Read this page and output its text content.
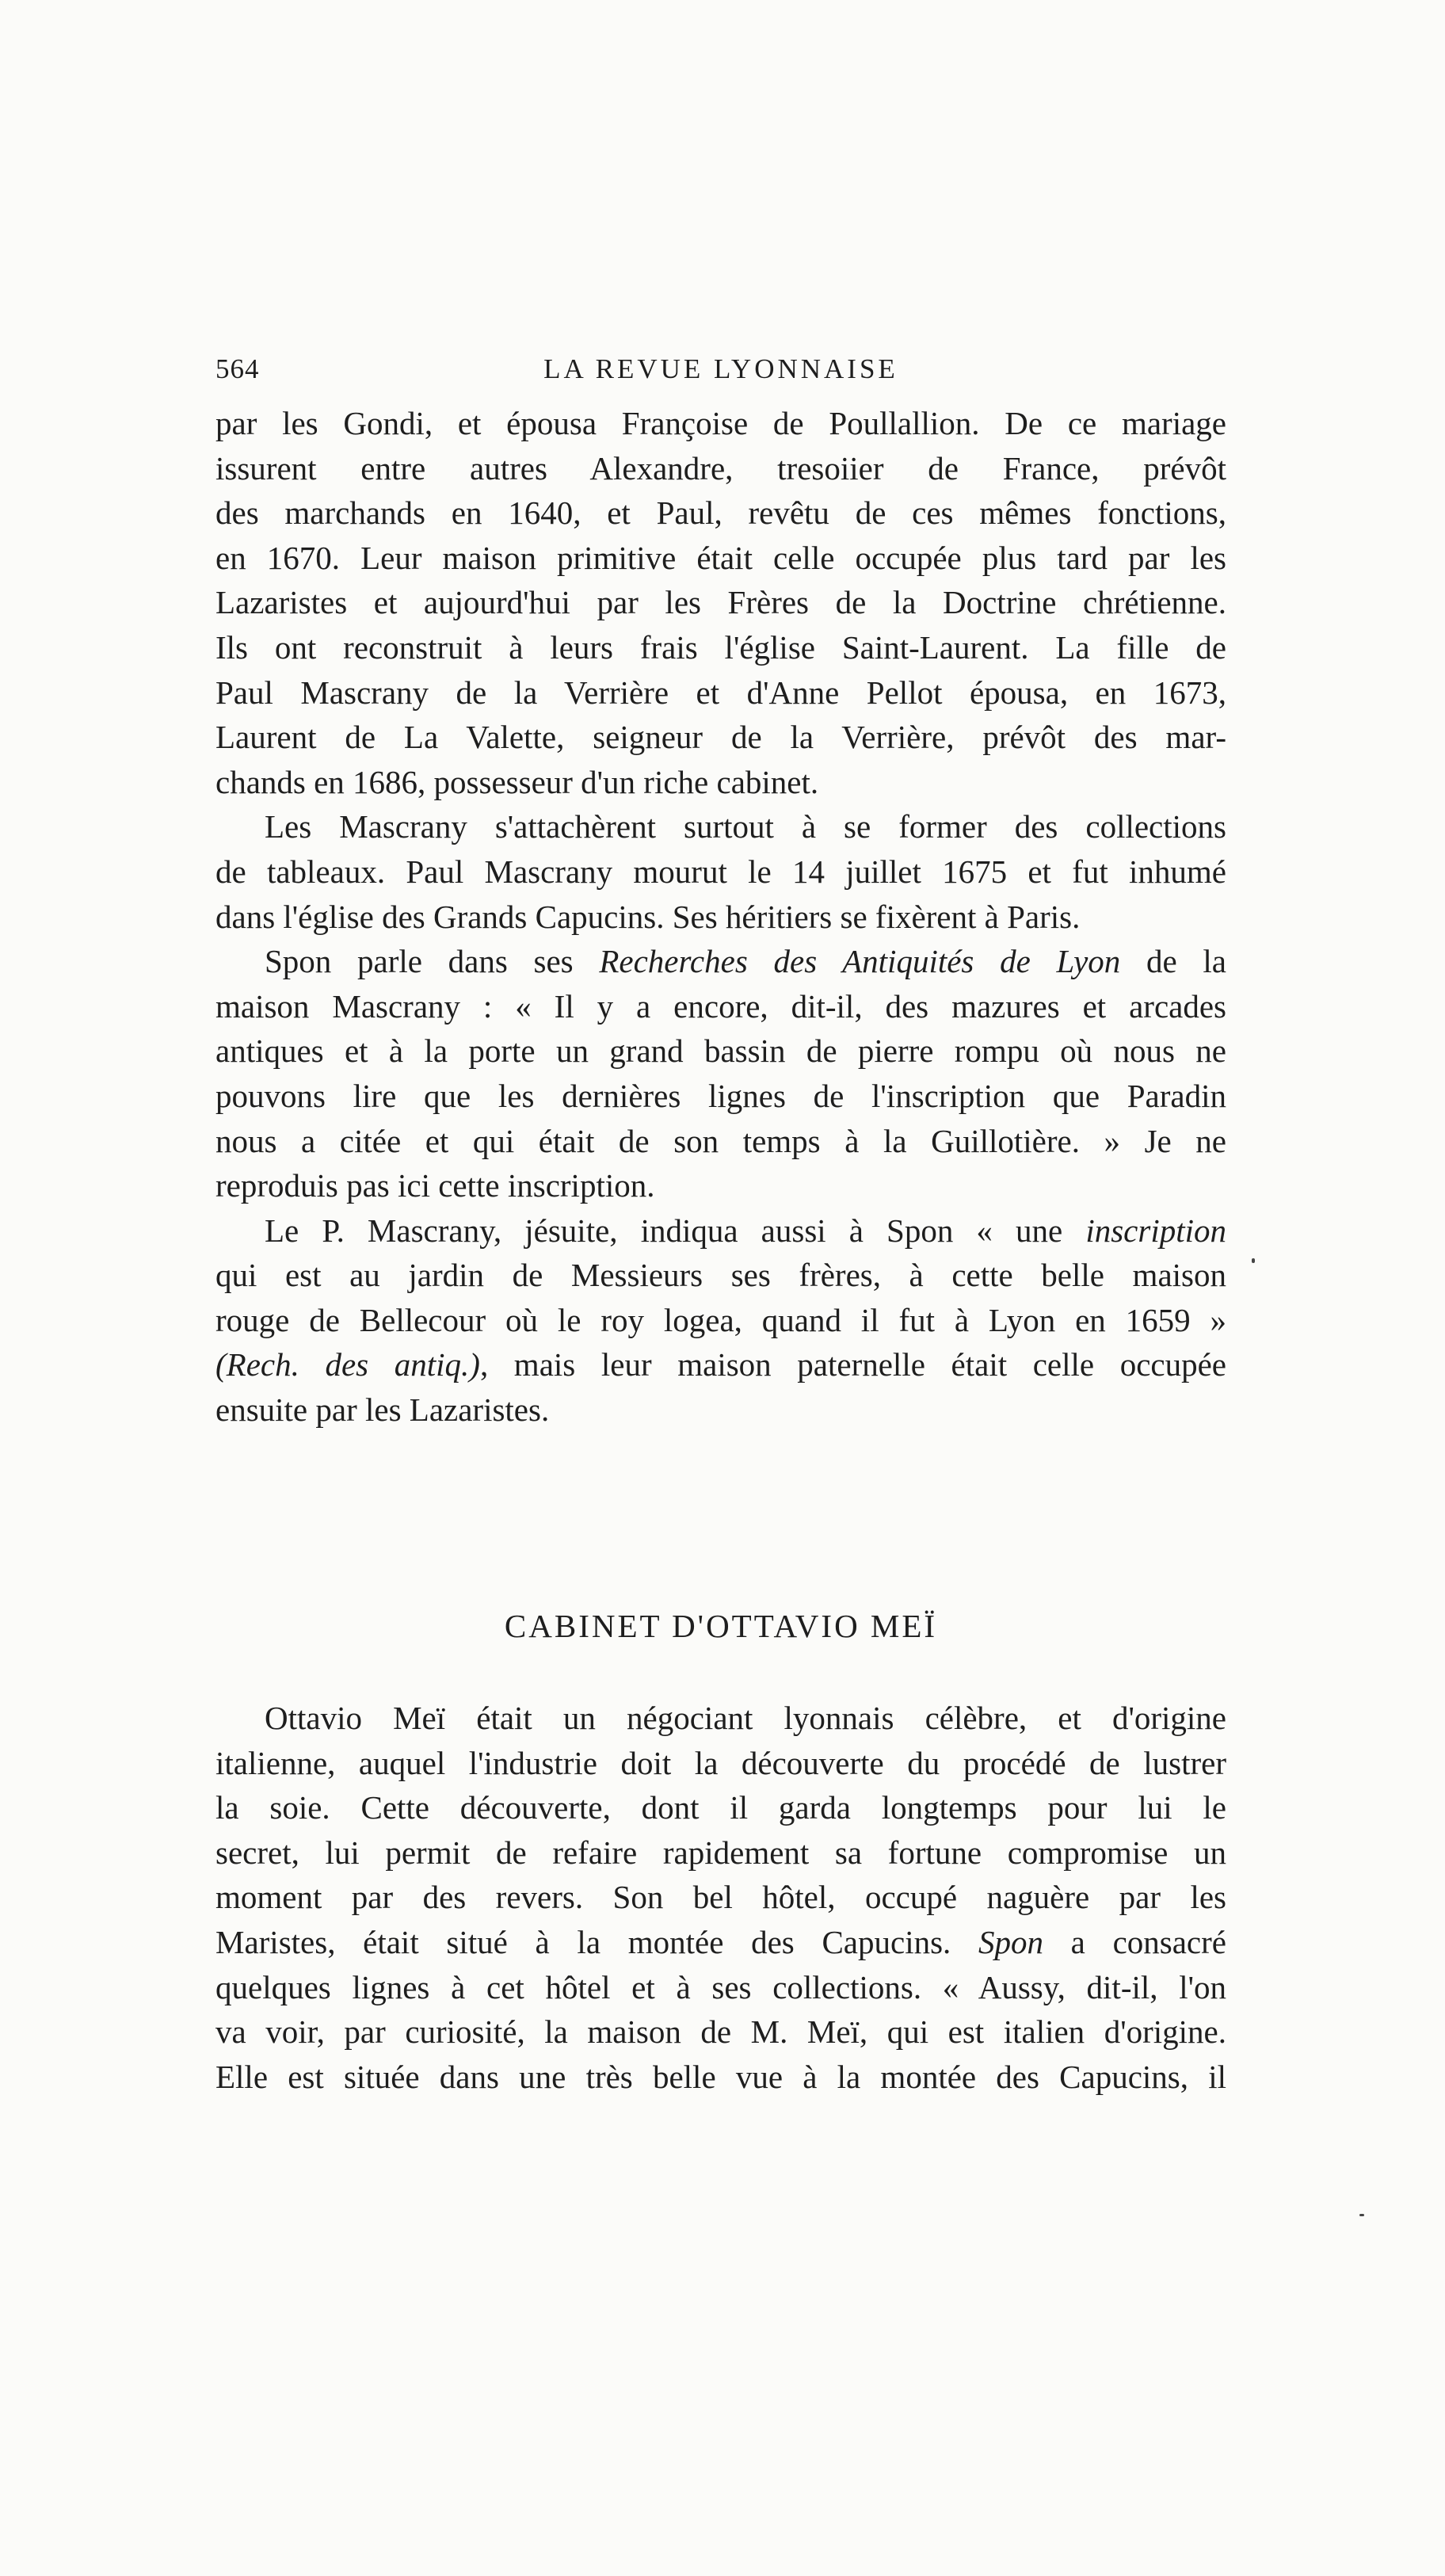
564	LA REVUE LYONNAISE
par les Gondi, et épousa Françoise de Poullallion. De ce mariage
issurent entre autres Alexandre, tresoiier de France, prévôt
des marchands en 1640, et Paul, revêtu de ces mêmes fonctions,
en 1670. Leur maison primitive était celle occupée plus tard par les
Lazaristes et aujourd'hui par les Frères de la Doctrine chrétienne.
Ils ont reconstruit à leurs frais l'église Saint-Laurent. La fille de
Paul Mascrany de la Verrière et d'Anne Pellot épousa, en 1673,
Laurent de La Valette, seigneur de la Verrière, prévôt des mar-
chands en 1686, possesseur d'un riche cabinet.
Les Mascrany s'attachèrent surtout à se former des collections
de tableaux. Paul Mascrany mourut le 14 juillet 1675 et fut inhumé
dans l'église des Grands Capucins. Ses héritiers se fixèrent à Paris.
Spon parle dans ses Recherches des Antiquités de Lyon de la
maison Mascrany : « Il y a encore, dit-il, des mazures et arcades
antiques et à la porte un grand bassin de pierre rompu où nous ne
pouvons lire que les dernières lignes de l'inscription que Paradin
nous a citée et qui était de son temps à la Guillotière. » Je ne
reproduis pas ici cette inscription.
Le P. Mascrany, jésuite, indiqua aussi à Spon « une inscription
qui est au jardin de Messieurs ses frères, à cette belle maison
rouge de Bellecour où le roy logea, quand il fut à Lyon en 1659 »
(Rech. des antiq.), mais leur maison paternelle était celle occupée
ensuite par les Lazaristes.
CABINET D'OTTAVIO MEÏ
Ottavio Meï était un négociant lyonnais célèbre, et d'origine
italienne, auquel l'industrie doit la découverte du procédé de lustrer
la soie. Cette découverte, dont il garda longtemps pour lui le
secret, lui permit de refaire rapidement sa fortune compromise un
moment par des revers. Son bel hôtel, occupé naguère par les
Maristes, était situé à la montée des Capucins. Spon a consacré
quelques lignes à cet hôtel et à ses collections. « Aussy, dit-il, l'on
va voir, par curiosité, la maison de M. Meï, qui est italien d'origine.
Elle est située dans une très belle vue à la montée des Capucins, il
